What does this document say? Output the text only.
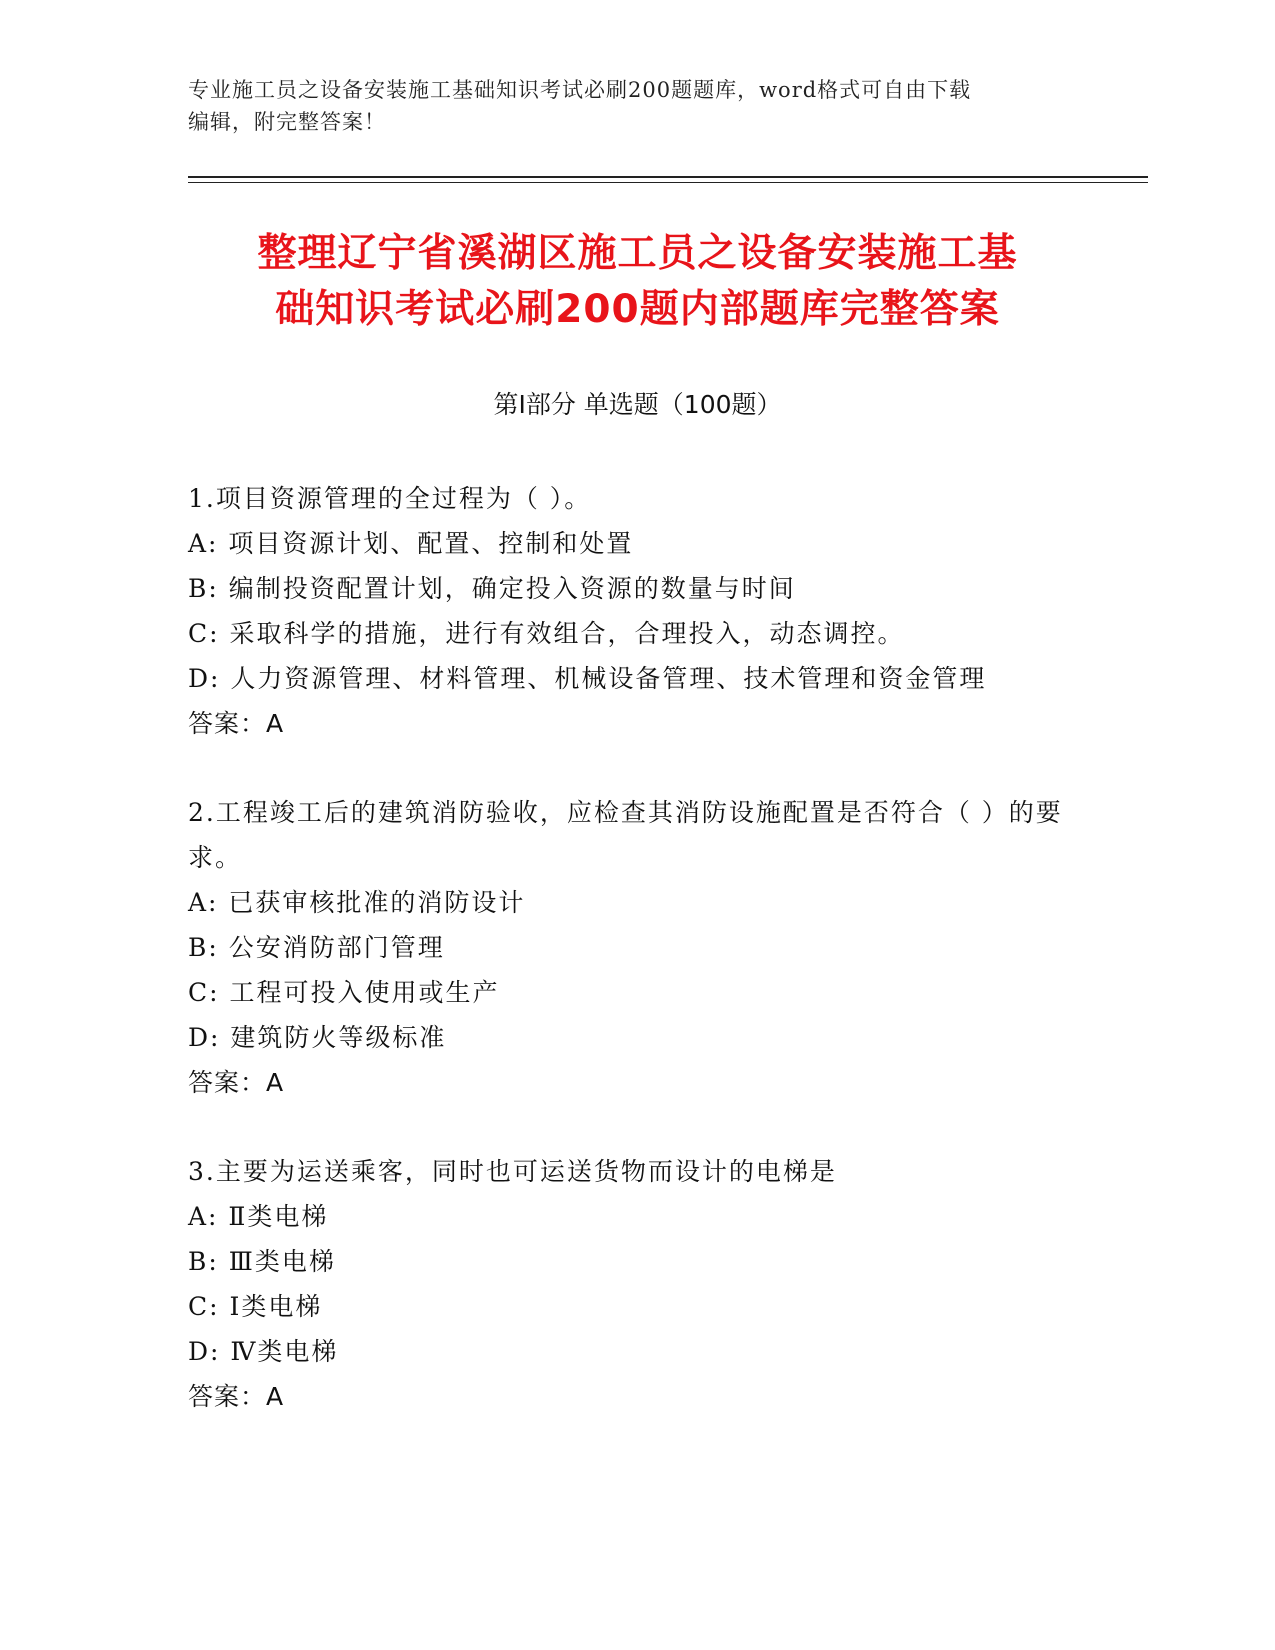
专业施工员之设备安装施工基础知识考试必刷200题题库，word格式可自由下载
编辑，附完整答案！
整理辽宁省溪湖区施工员之设备安装施工基
础知识考试必刷200题内部题库完整答案
第Ⅰ部分 单选题（100题）

1.项目资源管理的全过程为（ ）。

A: 项目资源计划、配置、控制和处置

B: 编制投资配置计划，确定投入资源的数量与时间

C: 采取科学的措施，进行有效组合，合理投入，动态调控。

D: 人力资源管理、材料管理、机械设备管理、技术管理和资金管理

答案：A

2.工程竣工后的建筑消防验收，应检查其消防设施配置是否符合（ ）的要求。

A: 已获审核批准的消防设计

B: 公安消防部门管理

C: 工程可投入使用或生产

D: 建筑防火等级标准

答案：A

3.主要为运送乘客，同时也可运送货物而设计的电梯是

A: Ⅱ类电梯

B: Ⅲ类电梯

C: Ⅰ类电梯

D: Ⅳ类电梯

答案：A
